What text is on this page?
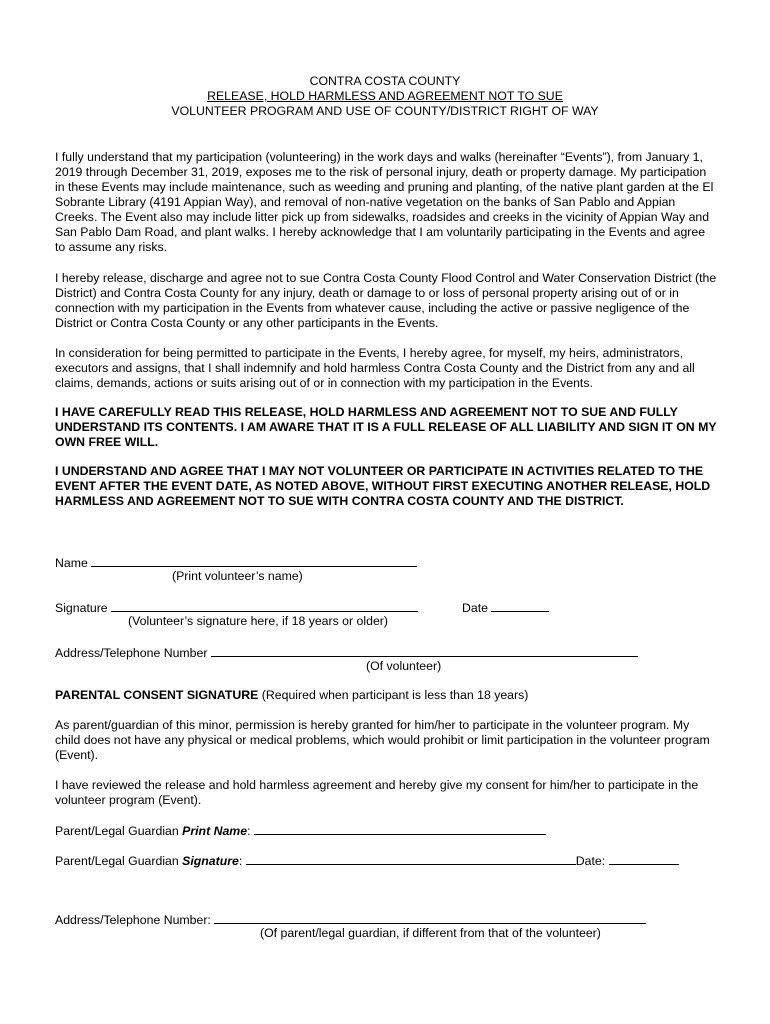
CONTRA COSTA COUNTY
RELEASE, HOLD HARMLESS AND AGREEMENT NOT TO SUE
VOLUNTEER PROGRAM AND USE OF COUNTY/DISTRICT RIGHT OF WAY

I fully understand that my participation (volunteering) in the work days and walks (hereinafter “Events”), from January 1, 2019 through December 31, 2019, exposes me to the risk of personal injury, death or property damage. My participation in these Events may include maintenance, such as weeding and pruning and planting, of the native plant garden at the El Sobrante Library (4191 Appian Way), and removal of non-native vegetation on the banks of San Pablo and Appian Creeks. The Event also may include litter pick up from sidewalks, roadsides and creeks in the vicinity of Appian Way and San Pablo Dam Road, and plant walks. I hereby acknowledge that I am voluntarily participating in the Events and agree to assume any risks.

I hereby release, discharge and agree not to sue Contra Costa County Flood Control and Water Conservation District (the District) and Contra Costa County for any injury, death or damage to or loss of personal property arising out of or in connection with my participation in the Events from whatever cause, including the active or passive negligence of the District or Contra Costa County or any other participants in the Events.

In consideration for being permitted to participate in the Events, I hereby agree, for myself, my heirs, administrators, executors and assigns, that I shall indemnify and hold harmless Contra Costa County and the District from any and all claims, demands, actions or suits arising out of or in connection with my participation in the Events.

I HAVE CAREFULLY READ THIS RELEASE, HOLD HARMLESS AND AGREEMENT NOT TO SUE AND FULLY UNDERSTAND ITS CONTENTS. I AM AWARE THAT IT IS A FULL RELEASE OF ALL LIABILITY AND SIGN IT ON MY OWN FREE WILL.

I UNDERSTAND AND AGREE THAT I MAY NOT VOLUNTEER OR PARTICIPATE IN ACTIVITIES RELATED TO THE EVENT AFTER THE EVENT DATE, AS NOTED ABOVE, WITHOUT FIRST EXECUTING ANOTHER RELEASE, HOLD HARMLESS AND AGREEMENT NOT TO SUE WITH CONTRA COSTA COUNTY AND THE DISTRICT.

Name
(Print volunteer’s name)
Signature	Date
(Volunteer’s signature here, if 18 years or older)
Address/Telephone Number
(Of volunteer)
PARENTAL CONSENT SIGNATURE (Required when participant is less than 18 years)

As parent/guardian of this minor, permission is hereby granted for him/her to participate in the volunteer program. My child does not have any physical or medical problems, which would prohibit or limit participation in the volunteer program (Event).

I have reviewed the release and hold harmless agreement and hereby give my consent for him/her to participate in the volunteer program (Event).

Parent/Legal Guardian Print Name:
Parent/Legal Guardian Signature:	Date:
Address/Telephone Number:
(Of parent/legal guardian, if different from that of the volunteer)
